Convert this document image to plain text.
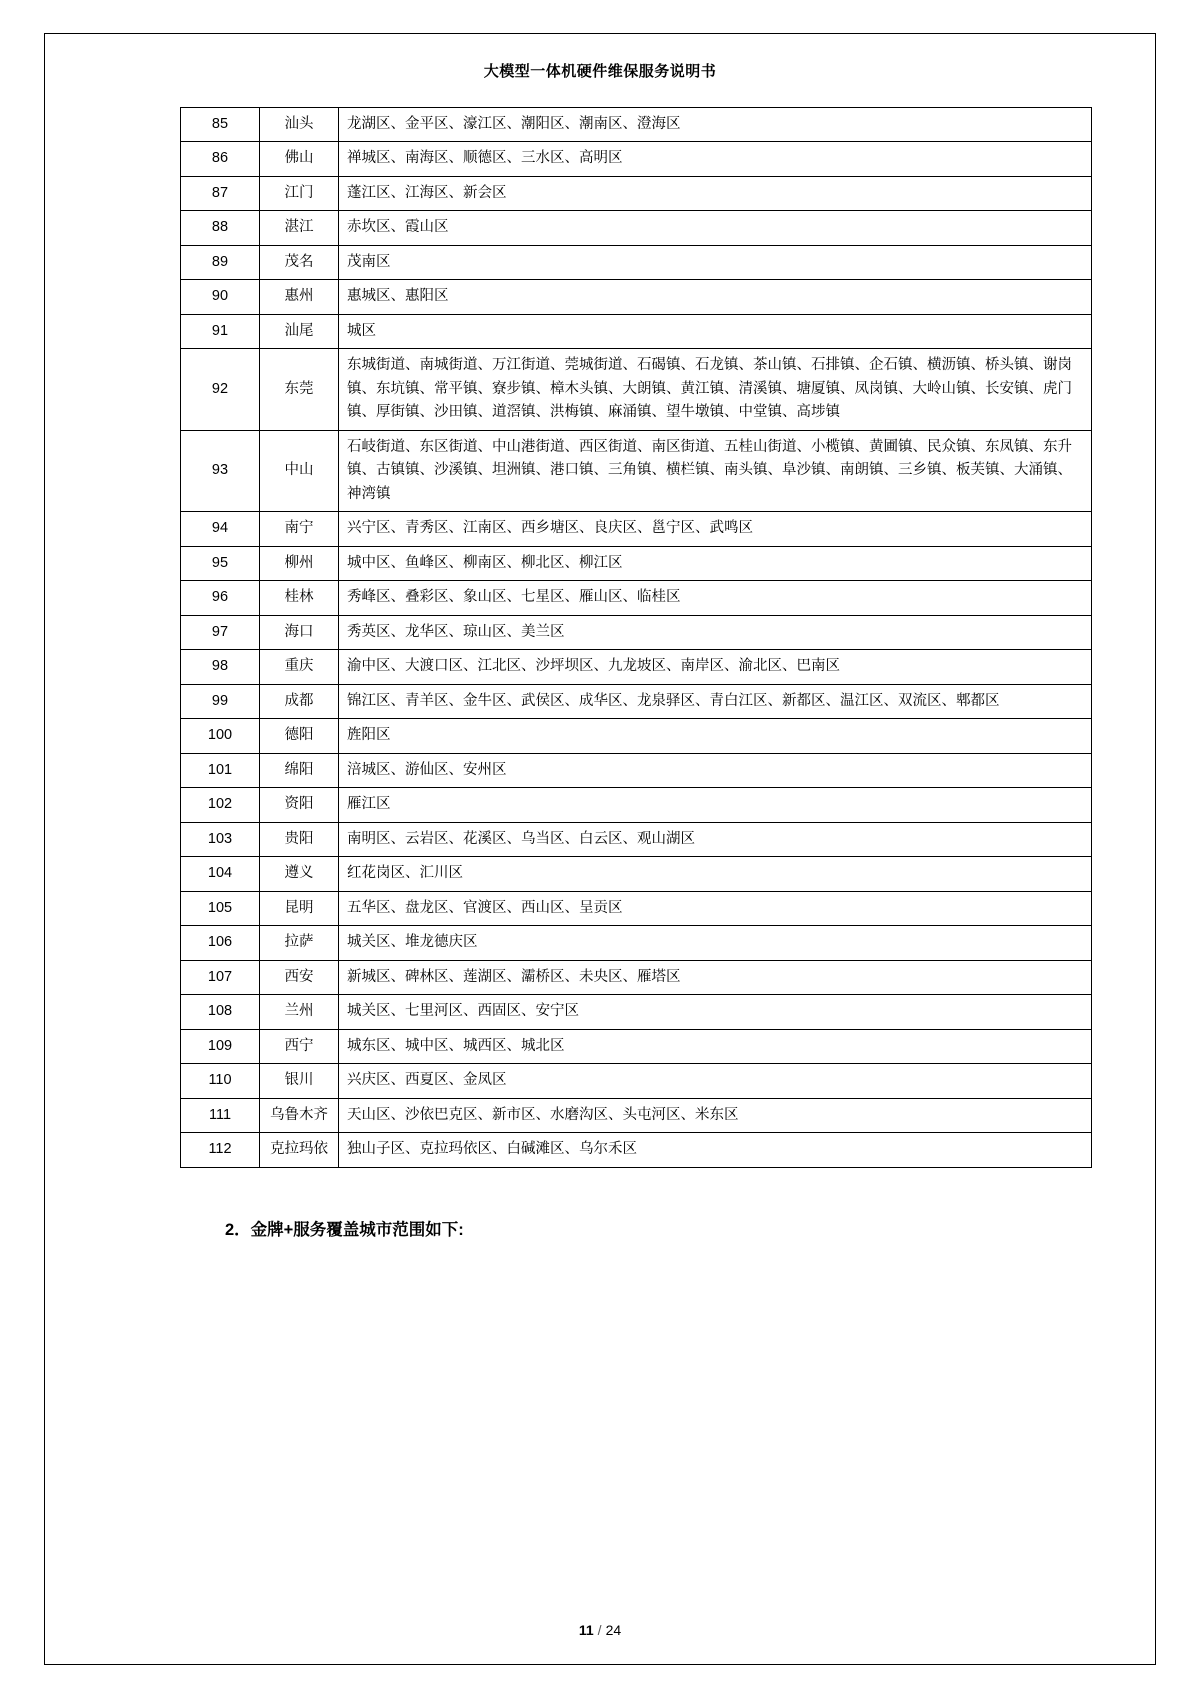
大模型一体机硬件维保服务说明书
85	汕头	龙湖区、金平区、濠江区、潮阳区、潮南区、澄海区
86	佛山	禅城区、南海区、顺德区、三水区、高明区
87	江门	蓬江区、江海区、新会区
88	湛江	赤坎区、霞山区
89	茂名	茂南区
90	惠州	惠城区、惠阳区
91	汕尾	城区
92	东莞	东城街道、南城街道、万江街道、莞城街道、石碣镇、石龙镇、茶山镇、石排镇、企石镇、横沥镇、桥头镇、谢岗镇、东坑镇、常平镇、寮步镇、樟木头镇、大朗镇、黄江镇、清溪镇、塘厦镇、凤岗镇、大岭山镇、长安镇、虎门镇、厚街镇、沙田镇、道滘镇、洪梅镇、麻涌镇、望牛墩镇、中堂镇、高埗镇
93	中山	石岐街道、东区街道、中山港街道、西区街道、南区街道、五桂山街道、小榄镇、黄圃镇、民众镇、东凤镇、东升镇、古镇镇、沙溪镇、坦洲镇、港口镇、三角镇、横栏镇、南头镇、阜沙镇、南朗镇、三乡镇、板芙镇、大涌镇、神湾镇
94	南宁	兴宁区、青秀区、江南区、西乡塘区、良庆区、邕宁区、武鸣区
95	柳州	城中区、鱼峰区、柳南区、柳北区、柳江区
96	桂林	秀峰区、叠彩区、象山区、七星区、雁山区、临桂区
97	海口	秀英区、龙华区、琼山区、美兰区
98	重庆	渝中区、大渡口区、江北区、沙坪坝区、九龙坡区、南岸区、渝北区、巴南区
99	成都	锦江区、青羊区、金牛区、武侯区、成华区、龙泉驿区、青白江区、新都区、温江区、双流区、郫都区
100	德阳	旌阳区
101	绵阳	涪城区、游仙区、安州区
102	资阳	雁江区
103	贵阳	南明区、云岩区、花溪区、乌当区、白云区、观山湖区
104	遵义	红花岗区、汇川区
105	昆明	五华区、盘龙区、官渡区、西山区、呈贡区
106	拉萨	城关区、堆龙德庆区
107	西安	新城区、碑林区、莲湖区、灞桥区、未央区、雁塔区
108	兰州	城关区、七里河区、西固区、安宁区
109	西宁	城东区、城中区、城西区、城北区
110	银川	兴庆区、西夏区、金凤区
111	乌鲁木齐	天山区、沙依巴克区、新市区、水磨沟区、头屯河区、米东区
112	克拉玛依	独山子区、克拉玛依区、白碱滩区、乌尔禾区
2．金牌+服务覆盖城市范围如下:
11 / 24
